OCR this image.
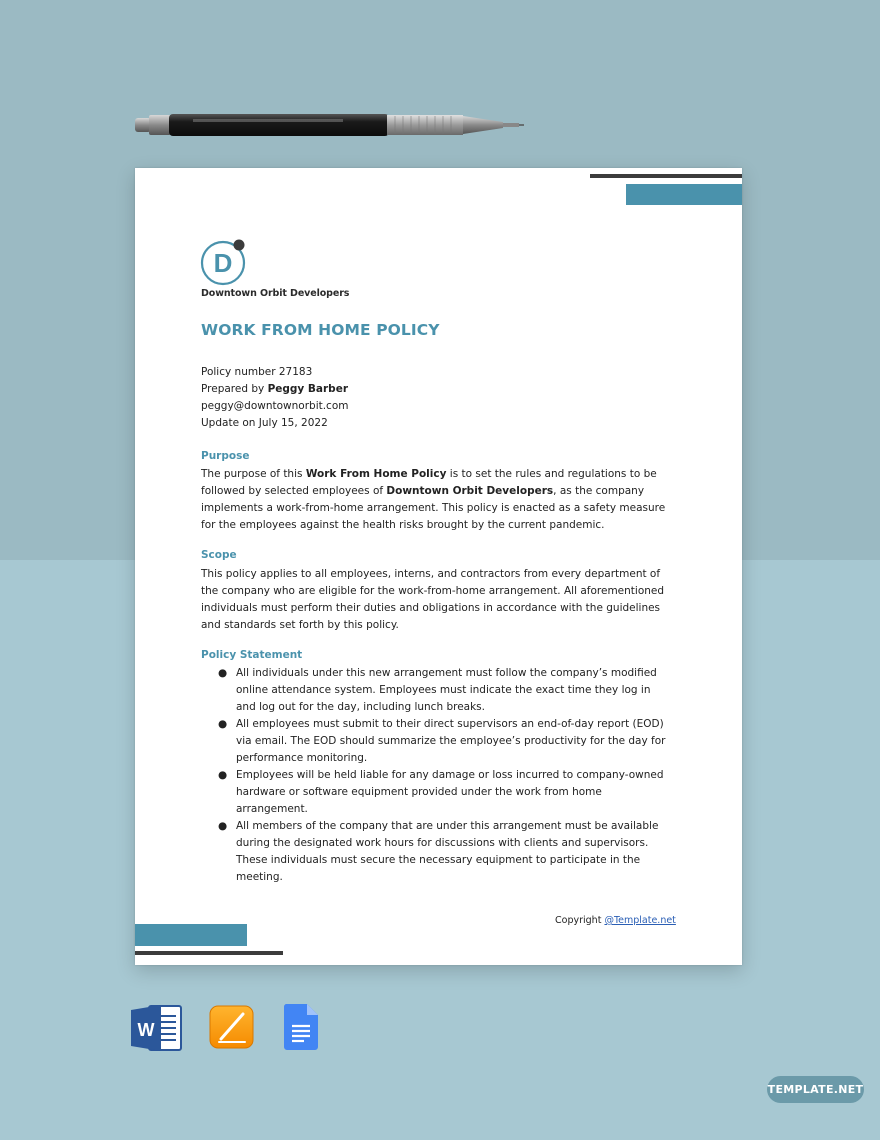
D
Downtown Orbit Developers
WORK FROM HOME POLICY
Policy number 27183
Prepared by Peggy Barber
peggy@downtownorbit.com
Update on July 15, 2022
Purpose
The purpose of this Work From Home Policy is to set the rules and regulations to be followed by selected employees of Downtown Orbit Developers, as the company implements a work-from-home arrangement. This policy is enacted as a safety measure for the employees against the health risks brought by the current pandemic.
Scope
This policy applies to all employees, interns, and contractors from every department of the company who are eligible for the work-from-home arrangement. All aforementioned individuals must perform their duties and obligations in accordance with the guidelines and standards set forth by this policy.
Policy Statement
● All individuals under this new arrangement must follow the company’s modified online attendance system. Employees must indicate the exact time they log in and log out for the day, including lunch breaks.
● All employees must submit to their direct supervisors an end-of-day report (EOD) via email. The EOD should summarize the employee’s productivity for the day for performance monitoring.
● Employees will be held liable for any damage or loss incurred to company-owned hardware or software equipment provided under the work from home arrangement.
● All members of the company that are under this arrangement must be available during the designated work hours for discussions with clients and supervisors. These individuals must secure the necessary equipment to participate in the meeting.
Copyright @Template.net
W
TEMPLATE.NET
